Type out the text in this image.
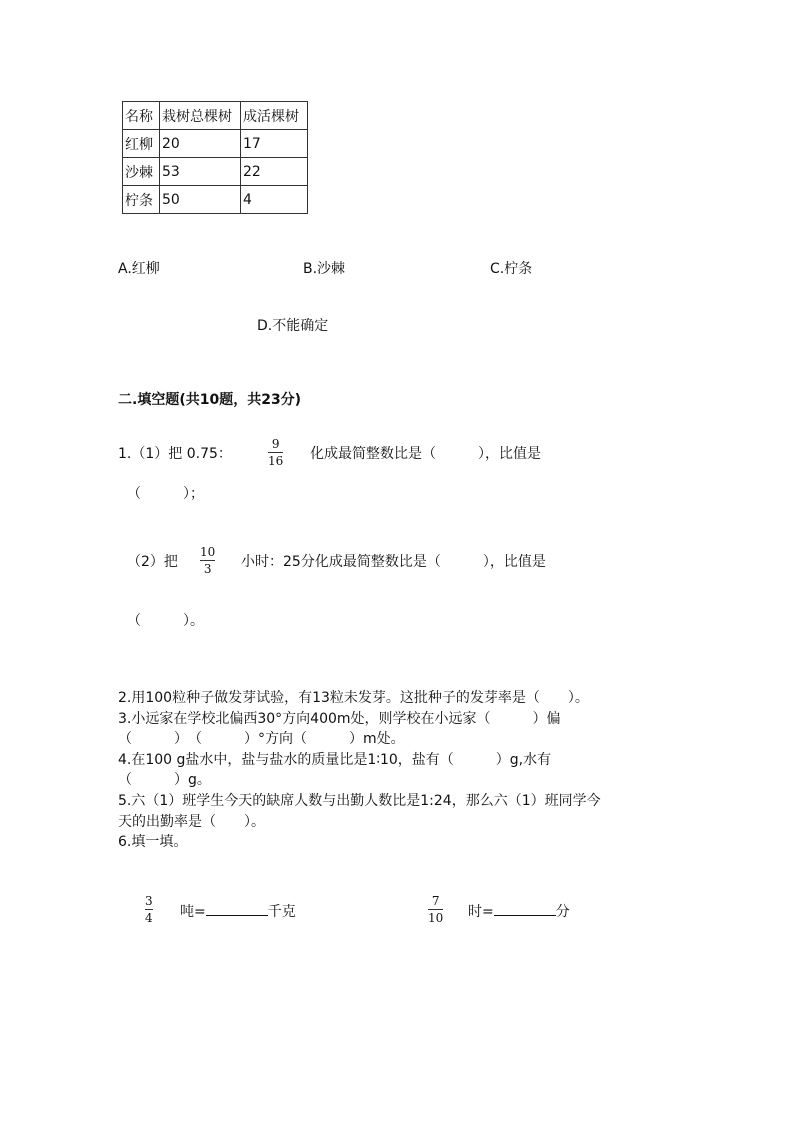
名称	栽树总棵树	成活棵树
红柳	20	17
沙棘	53	22
柠条	50	4
A.红柳	B.沙棘	C.柠条
D.不能确定
二.填空题(共10题，共23分)
1.（1）把 0.75：
9
16 化成最简整数比是（　　　），比值是
（　　　）；
（2）把
10
3 小时：25分化成最简整数比是（　　　），比值是
（　　　）。
2.用100粒种子做发芽试验，有13粒未发芽。这批种子的发芽率是（　　）。
3.小远家在学校北偏西30°方向400m处，则学校在小远家（　　　）偏
（　　　）　（　　　）°方向（　　　）m处。
4.在100 g盐水中，盐与盐水的质量比是1∶10，盐有（　　　）g,水有
（　　　）g。
5.六（1）班学生今天的缺席人数与出勤人数比是1:24，那么六（1）班同学今
天的出勤率是（　　）。
6.填一填。
3
4 吨=	千克
7
10 时=	分
